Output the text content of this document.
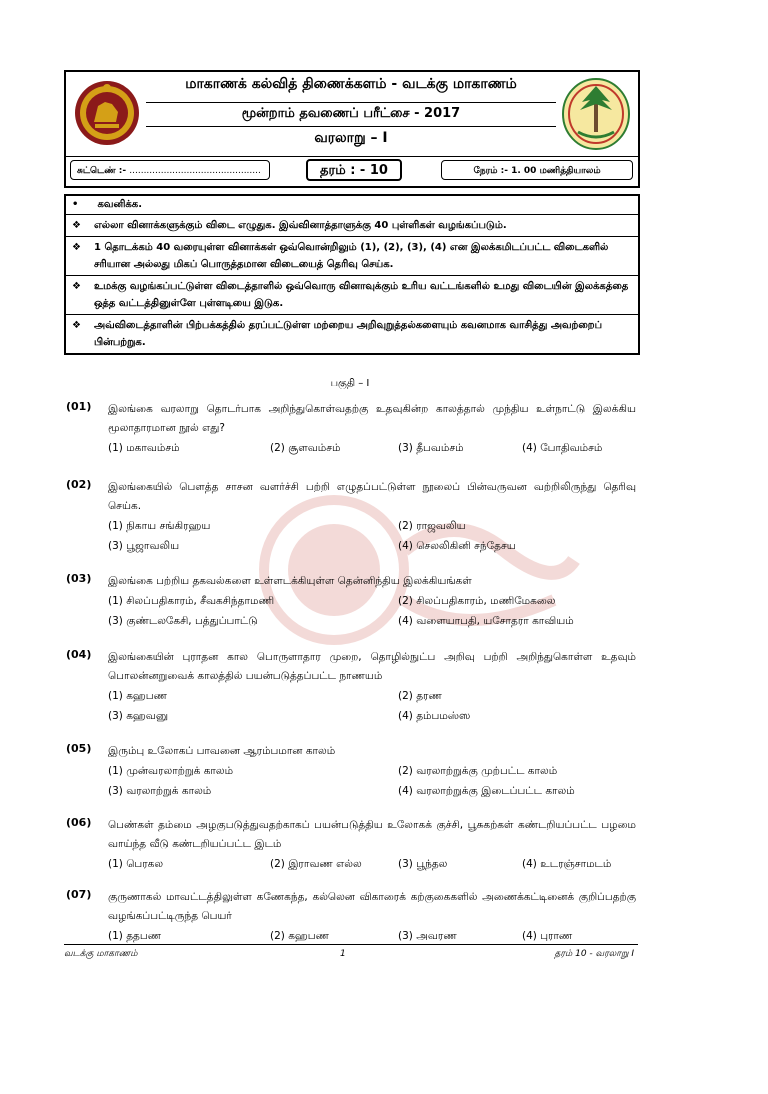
மாகாணக் கல்வித் திணைக்களம் - வடக்கு மாகாணம்
மூன்றாம் தவணைப் பரீட்சை - 2017
வரலாறு – I
சுட்டெண் :- ..............................................	தரம் : - 10	நேரம் :- 1. 00 மணித்தியாலம்
• கவனிக்க.
❖	எல்லா வினாக்களுக்கும் விடை எழுதுக. இவ்வினாத்தாளுக்கு 40 புள்ளிகள் வழங்கப்படும்.
❖	1 தொடக்கம் 40 வரையுள்ள வினாக்கள் ஒவ்வொன்றிலும் (1), (2), (3), (4) என இலக்கமிடப்பட்ட விடைகளில் சரியான அல்லது மிகப் பொருத்தமான விடையைத் தெரிவு செய்க.
❖	உமக்கு வழங்கப்பட்டுள்ள விடைத்தாளில் ஒவ்வொரு வினாவுக்கும் உரிய வட்டங்களில் உமது விடையின் இலக்கத்தை ஒத்த வட்டத்தினுள்ளே புள்ளடியை இடுக.
❖	அவ்விடைத்தாளின் பிற்பக்கத்தில் தரப்பட்டுள்ள மற்றைய அறிவுறுத்தல்களையும் கவனமாக வாசித்து அவற்றைப் பின்பற்றுக.
பகுதி – I
(01) இலங்கை வரலாறு தொடர்பாக அறிந்துகொள்வதற்கு உதவுகின்ற காலத்தால் முந்திய உள்நாட்டு இலக்கிய மூலாதாரமான நூல் எது?
(1) மகாவம்சம்	(2) சூளவம்சம்	(3) தீபவம்சம்	(4) போதிவம்சம்
(02) இலங்கையில் பௌத்த சாசன வளர்ச்சி பற்றி எழுதப்பட்டுள்ள நூலைப் பின்வருவன வற்றிலிருந்து தெரிவு செய்க.
(1) நிகாய சங்கிரஹய	(2) ராஜவலிய
(3) பூஜாவலிய	(4) செலலிகினி சந்தேசய
(03) இலங்கை பற்றிய தகவல்களை உள்ளடக்கியுள்ள தென்னிந்திய இலக்கியங்கள்
(1) சிலப்பதிகாரம், சீவகசிந்தாமணி	(2) சிலப்பதிகாரம், மணிமேகலை
(3) குண்டலகேசி, பத்துப்பாட்டு	(4) வளையாபதி, யசோதரா காவியம்
(04) இலங்கையின் புராதன கால பொருளாதார முறை, தொழில்நுட்ப அறிவு பற்றி அறிந்துகொள்ள உதவும் பொலன்னறுவைக் காலத்தில் பயன்படுத்தப்பட்ட நாணயம்
(1) கஹபண	(2) தரண
(3) கஹவனு	(4) தம்பமஸ்ஸ
(05) இரும்பு உலோகப் பாவனை ஆரம்பமான காலம்
(1) முன்வரலாற்றுக் காலம்	(2) வரலாற்றுக்கு முற்பட்ட காலம்
(3) வரலாற்றுக் காலம்	(4) வரலாற்றுக்கு இடைப்பட்ட காலம்
(06) பெண்கள் தம்மை அழகுபடுத்துவதற்காகப் பயன்படுத்திய உலோகக் குச்சி, பூசுகற்கள் கண்டறியப்பட்ட பழமை வாய்ந்த வீடு கண்டறியப்பட்ட இடம்
(1) பெரகல	(2) இராவண எல்ல	(3) பூந்தல	(4) உடரஞ்சாமடம்
(07) குருணாகல் மாவட்டத்திலுள்ள கணேகந்த, கல்லென விகாரைக் கற்குகைகளில் அணைக்கட்டினைக் குறிப்பதற்கு வழங்கப்பட்டிருந்த பெயர்
(1) ததபண	(2) கஹபண	(3) அவரண	(4) புராண
வடக்கு மாகாணம்	1	தரம் 10 - வரலாறு I
